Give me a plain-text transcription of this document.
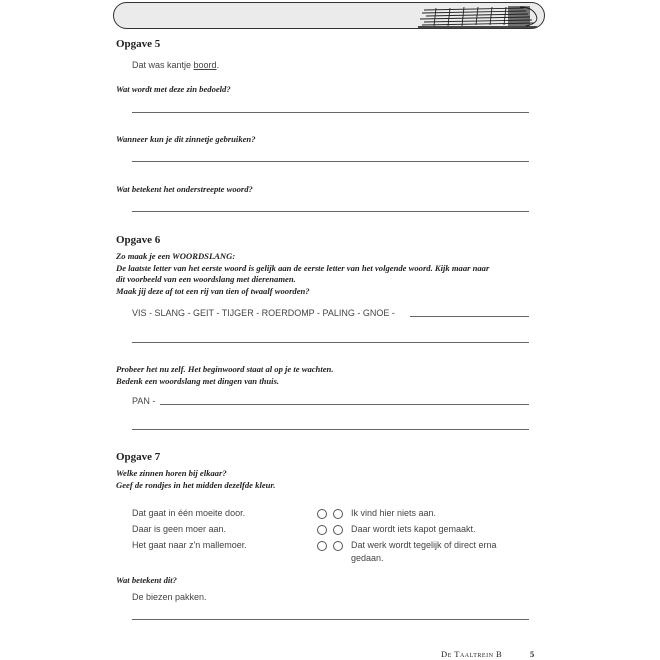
Opgave 5
Dat was kantje boord.
Wat wordt met deze zin bedoeld?
Wanneer kun je dit zinnetje gebruiken?
Wat betekent het onderstreepte woord?
Opgave 6
Zo maak je een WOORDSLANG:
De laatste letter van het eerste woord is gelijk aan de eerste letter van het volgende woord. Kijk maar naar
dit voorbeeld van een woordslang met dierenamen.
Maak jij deze af tot een rij van tien of twaalf woorden?
VIS - SLANG - GEIT - TIJGER - ROERDOMP - PALING - GNOE -
Probeer het nu zelf. Het beginwoord staat al op je te wachten.
Bedenk een woordslang met dingen van thuis.
PAN -
Opgave 7
Welke zinnen horen bij elkaar?
Geef de rondjes in het midden dezelfde kleur.
Dat gaat in één moeite door.
Daar is geen moer aan.
Het gaat naar z'n mallemoer.
Ik vind hier niets aan.
Daar wordt iets kapot gemaakt.
Dat werk wordt tegelijk of direct erna gedaan.
Wat betekent dit?
De biezen pakken.
De Taaltrein B	5
